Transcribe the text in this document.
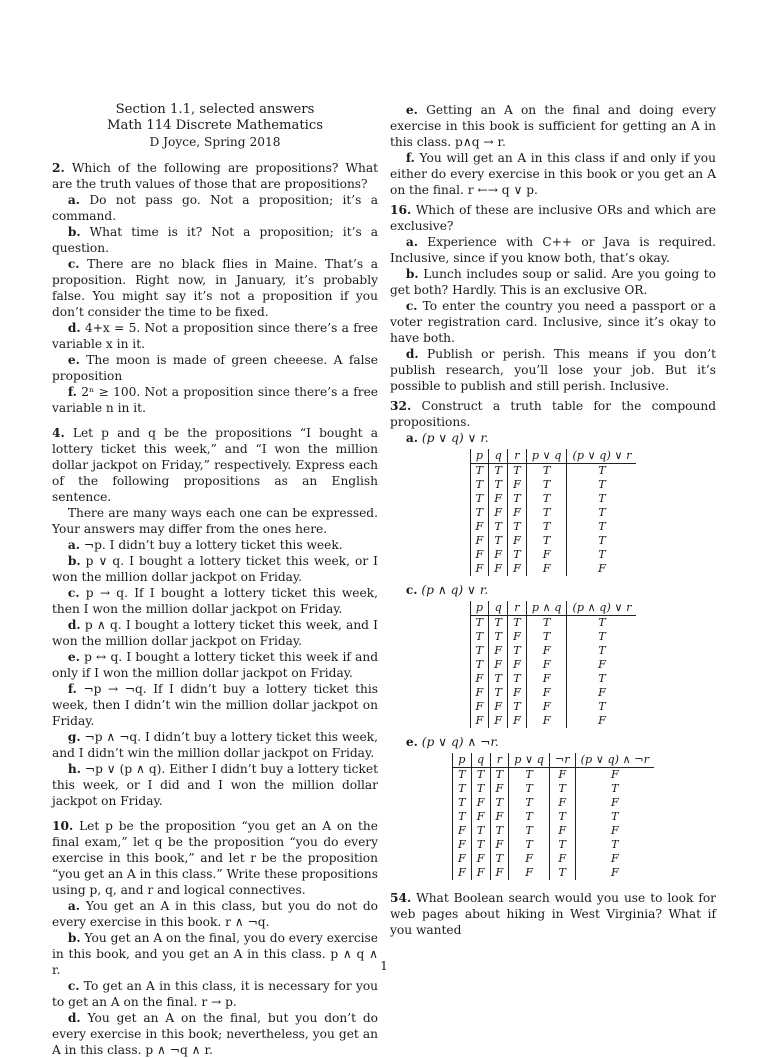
Section 1.1, selected answers
Math 114 Discrete Mathematics
D Joyce, Spring 2018

2. Which of the following are propositions? What are the truth values of those that are propositions?

a. Do not pass go. Not a proposition; it’s a command.

b. What time is it? Not a proposition; it’s a question.

c. There are no black flies in Maine. That’s a proposition. Right now, in January, it’s probably false. You might say it’s not a proposition if you don’t consider the time to be fixed.

d. 4+x = 5. Not a proposition since there’s a free variable x in it.

e. The moon is made of green cheeese. A false proposition

f. 2ⁿ ≥ 100. Not a proposition since there’s a free variable n in it.

4. Let p and q be the propositions “I bought a lottery ticket this week,” and “I won the million dollar jackpot on Friday,” respectively. Express each of the following propositions as an English sentence.

There are many ways each one can be expressed. Your answers may differ from the ones here.

a. ¬p. I didn’t buy a lottery ticket this week.

b. p ∨ q. I bought a lottery ticket this week, or I won the million dollar jackpot on Friday.

c. p → q. If I bought a lottery ticket this week, then I won the million dollar jackpot on Friday.

d. p ∧ q. I bought a lottery ticket this week, and I won the million dollar jackpot on Friday.

e. p ↔ q. I bought a lottery ticket this week if and only if I won the million dollar jackpot on Friday.

f. ¬p → ¬q. If I didn’t buy a lottery ticket this week, then I didn’t win the million dollar jackpot on Friday.

g. ¬p ∧ ¬q. I didn’t buy a lottery ticket this week, and I didn’t win the million dollar jackpot on Friday.

h. ¬p ∨ (p ∧ q). Either I didn’t buy a lottery ticket this week, or I did and I won the million dollar jackpot on Friday.

10. Let p be the proposition “you get an A on the final exam,” let q be the proposition “you do every exercise in this book,” and let r be the proposition “you get an A in this class.” Write these propositions using p, q, and r and logical connectives.

a. You get an A in this class, but you do not do every exercise in this book. r ∧ ¬q.

b. You get an A on the final, you do every exercise in this book, and you get an A in this class. p ∧ q ∧ r.

c. To get an A in this class, it is necessary for you to get an A on the final. r → p.

d. You get an A on the final, but you don’t do every exercise in this book; nevertheless, you get an A in this class. p ∧ ¬q ∧ r.

e. Getting an A on the final and doing every exercise in this book is sufficient for getting an A in this class. p∧q → r.

f. You will get an A in this class if and only if you either do every exercise in this book or you get an A on the final. r ←→ q ∨ p.

16. Which of these are inclusive ORs and which are exclusive?

a. Experience with C++ or Java is required. Inclusive, since if you know both, that’s okay.

b. Lunch includes soup or salid. Are you going to get both? Hardly. This is an exclusive OR.

c. To enter the country you need a passport or a voter registration card. Inclusive, since it’s okay to have both.

d. Publish or perish. This means if you don’t publish research, you’ll lose your job. But it’s possible to publish and still perish. Inclusive.

32. Construct a truth table for the compound propositions.

a. (p ∨ q) ∨ r.

p	q	r	p ∨ q	(p ∨ q) ∨ r
T	T	T	T	T
T	T	F	T	T
T	F	T	T	T
T	F	F	T	T
F	T	T	T	T
F	T	F	T	T
F	F	T	F	T
F	F	F	F	F

c. (p ∧ q) ∨ r.

p	q	r	p ∧ q	(p ∧ q) ∨ r
T	T	T	T	T
T	T	F	T	T
T	F	T	F	T
T	F	F	F	F
F	T	T	F	T
F	T	F	F	F
F	F	T	F	T
F	F	F	F	F

e. (p ∨ q) ∧ ¬r.

p	q	r	p ∨ q	¬r	(p ∨ q) ∧ ¬r
T	T	T	T	F	F
T	T	F	T	T	T
T	F	T	T	F	F
T	F	F	T	T	T
F	T	T	T	F	F
F	T	F	T	T	T
F	F	T	F	F	F
F	F	F	F	T	F

54. What Boolean search would you use to look for web pages about hiking in West Virginia? What if you wanted

1
